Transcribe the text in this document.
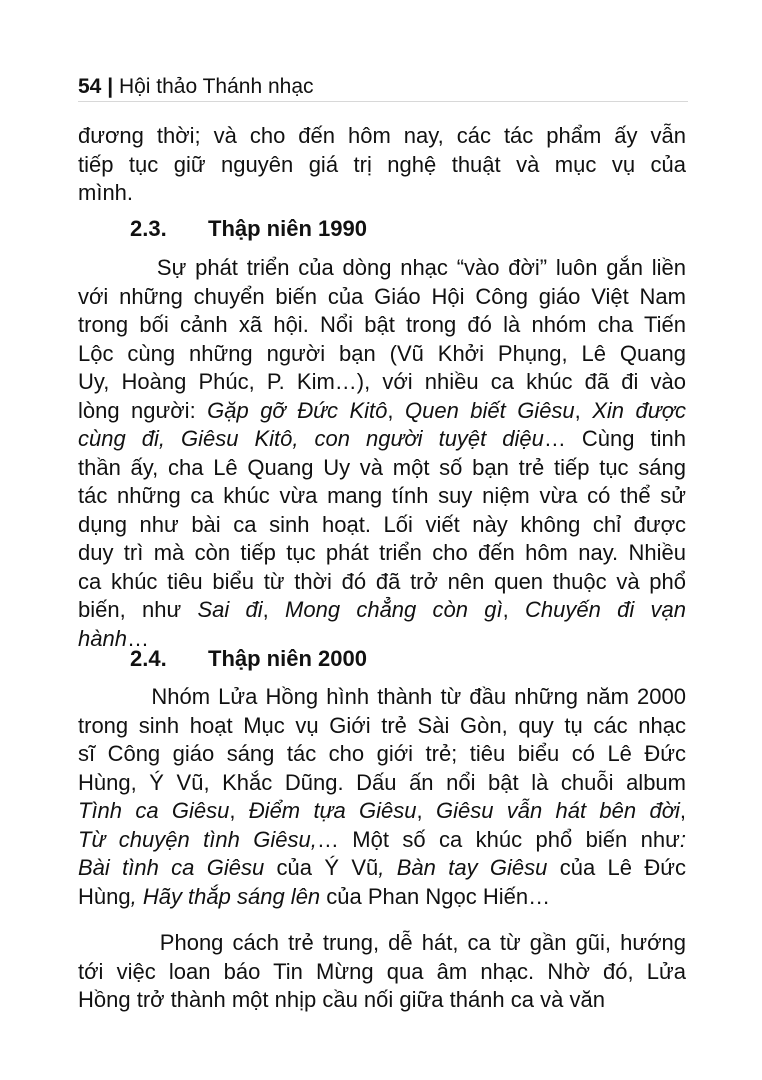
54 | Hội thảo Thánh nhạc
đương thời; và cho đến hôm nay, các tác phẩm ấy vẫn
tiếp tục giữ nguyên giá trị nghệ thuật và mục vụ của
mình.
2.3. Thập niên 1990
Sự phát triển của dòng nhạc “vào đời” luôn gắn liền
với những chuyển biến của Giáo Hội Công giáo Việt Nam
trong bối cảnh xã hội. Nổi bật trong đó là nhóm cha Tiến
Lộc cùng những người bạn (Vũ Khởi Phụng, Lê Quang
Uy, Hoàng Phúc, P. Kim…), với nhiều ca khúc đã đi vào
lòng người: Gặp gỡ Đức Kitô, Quen biết Giêsu, Xin được
cùng đi, Giêsu Kitô, con người tuyệt diệu… Cùng tinh
thần ấy, cha Lê Quang Uy và một số bạn trẻ tiếp tục sáng
tác những ca khúc vừa mang tính suy niệm vừa có thể sử
dụng như bài ca sinh hoạt. Lối viết này không chỉ được
duy trì mà còn tiếp tục phát triển cho đến hôm nay. Nhiều
ca khúc tiêu biểu từ thời đó đã trở nên quen thuộc và phổ
biến, như Sai đi, Mong chẳng còn gì, Chuyến đi vạn
hành…
2.4. Thập niên 2000
Nhóm Lửa Hồng hình thành từ đầu những năm 2000
trong sinh hoạt Mục vụ Giới trẻ Sài Gòn, quy tụ các nhạc
sĩ Công giáo sáng tác cho giới trẻ; tiêu biểu có Lê Đức
Hùng, Ý Vũ, Khắc Dũng. Dấu ấn nổi bật là chuỗi album
Tình ca Giêsu, Điểm tựa Giêsu, Giêsu vẫn hát bên đời,
Từ chuyện tình Giêsu,… Một số ca khúc phổ biến như:
Bài tình ca Giêsu của Ý Vũ, Bàn tay Giêsu của Lê Đức
Hùng, Hãy thắp sáng lên của Phan Ngọc Hiến…
Phong cách trẻ trung, dễ hát, ca từ gần gũi, hướng
tới việc loan báo Tin Mừng qua âm nhạc. Nhờ đó, Lửa
Hồng trở thành một nhịp cầu nối giữa thánh ca và văn
